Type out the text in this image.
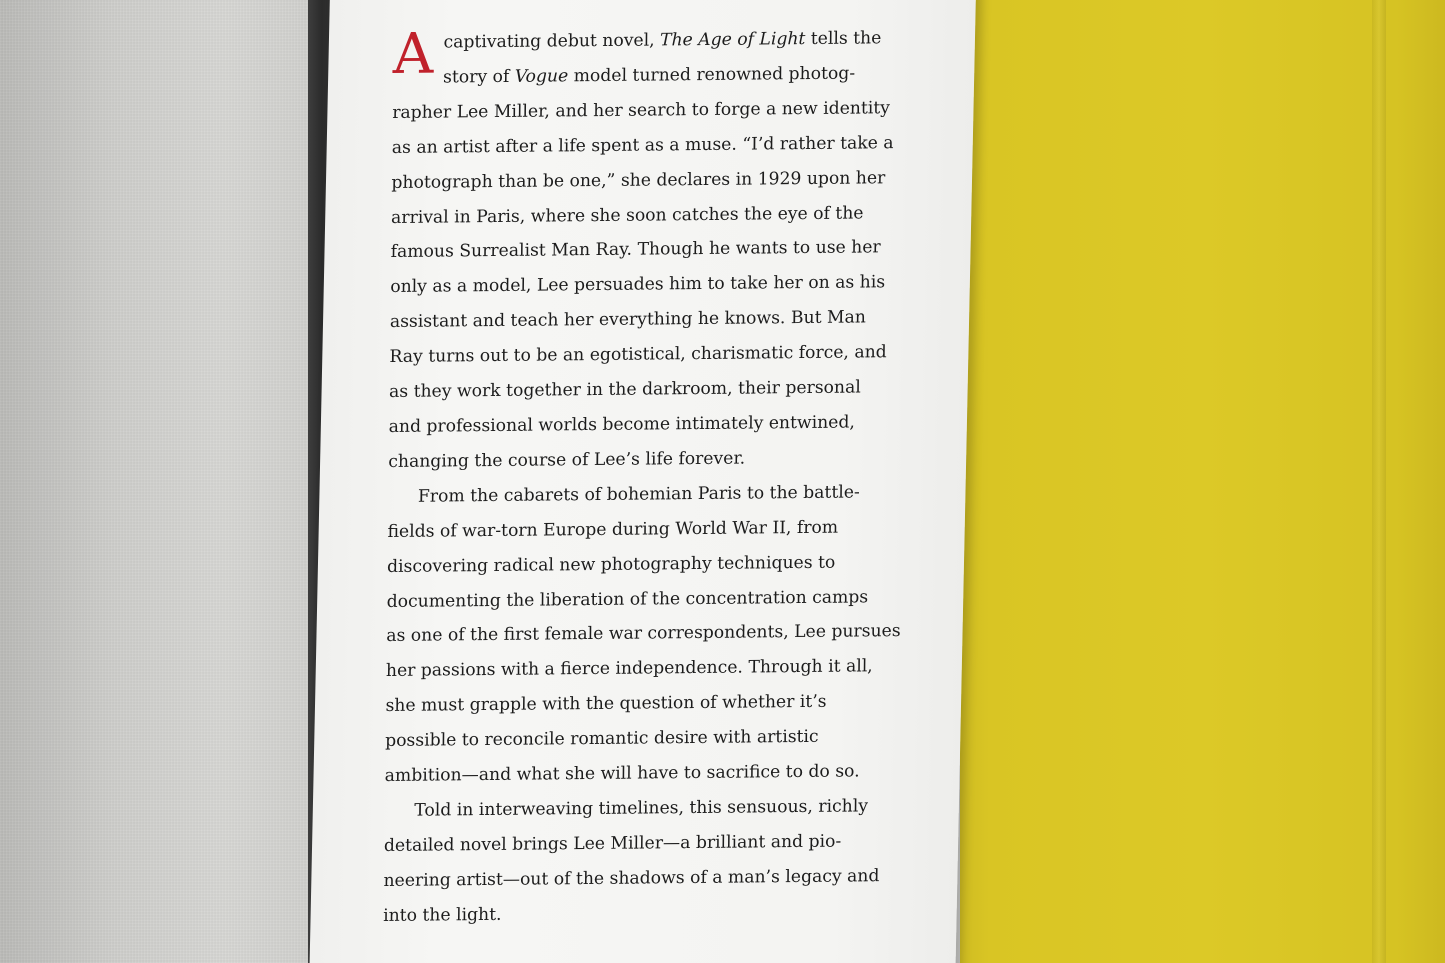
A captivating debut novel, The Age of Light tells the
story of Vogue model turned renowned photog-
rapher Lee Miller, and her search to forge a new identity
as an artist after a life spent as a muse. “I’d rather take a
photograph than be one,” she declares in 1929 upon her
arrival in Paris, where she soon catches the eye of the
famous Surrealist Man Ray. Though he wants to use her
only as a model, Lee persuades him to take her on as his
assistant and teach her everything he knows. But Man
Ray turns out to be an egotistical, charismatic force, and
as they work together in the darkroom, their personal
and professional worlds become intimately entwined,
changing the course of Lee’s life forever.

From the cabarets of bohemian Paris to the battle-
fields of war-torn Europe during World War II, from
discovering radical new photography techniques to
documenting the liberation of the concentration camps
as one of the first female war correspondents, Lee pursues
her passions with a fierce independence. Through it all,
she must grapple with the question of whether it’s
possible to reconcile romantic desire with artistic
ambition—and what she will have to sacrifice to do so.

Told in interweaving timelines, this sensuous, richly
detailed novel brings Lee Miller—a brilliant and pio-
neering artist—out of the shadows of a man’s legacy and
into the light.
